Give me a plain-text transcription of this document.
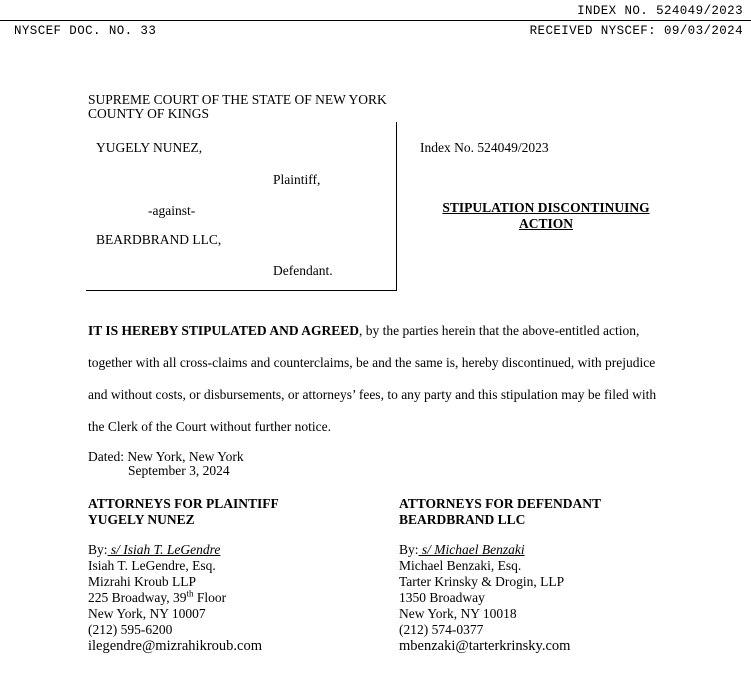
INDEX NO. 524049/2023
NYSCEF DOC. NO. 33	RECEIVED NYSCEF: 09/03/2024
SUPREME COURT OF THE STATE OF NEW YORK
COUNTY OF KINGS
YUGELY NUNEZ,
Plaintiff,
-against-
BEARDBRAND LLC,
Defendant.
Index No. 524049/2023
STIPULATION DISCONTINUING
ACTION
IT IS HEREBY STIPULATED AND AGREED, by the parties herein that the above-entitled action,
together with all cross-claims and counterclaims, be and the same is, hereby discontinued, with prejudice
and without costs, or disbursements, or attorneys’ fees, to any party and this stipulation may be filed with
the Clerk of the Court without further notice.
Dated: New York, New York
September 3, 2024
ATTORNEYS FOR PLAINTIFF
YUGELY NUNEZ
By: s/ Isiah T. LeGendre
Isiah T. LeGendre, Esq.
Mizrahi Kroub LLP
225 Broadway, 39th Floor
New York, NY 10007
(212) 595-6200
ilegendre@mizrahikroub.com
ATTORNEYS FOR DEFENDANT
BEARDBRAND LLC
By: s/ Michael Benzaki
Michael Benzaki, Esq.
Tarter Krinsky & Drogin, LLP
1350 Broadway
New York, NY 10018
(212) 574-0377
mbenzaki@tarterkrinsky.com
